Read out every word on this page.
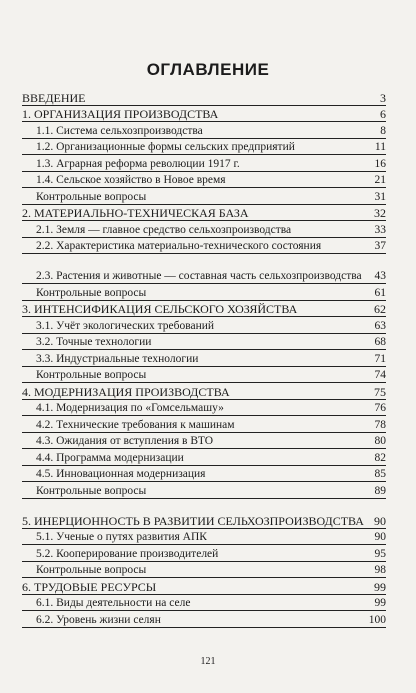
ОГЛАВЛЕНИЕ
ВВЕДЕНИЕ	3
1. ОРГАНИЗАЦИЯ ПРОИЗВОДСТВА	6
1.1. Система сельхозпроизводства	8
1.2. Организационные формы сельских предприятий	11
1.3. Аграрная реформа революции 1917 г.	16
1.4. Сельское хозяйство в Новое время	21
Контрольные вопросы	31
2. МАТЕРИАЛЬНО-ТЕХНИЧЕСКАЯ БАЗА	32
2.1. Земля — главное средство сельхозпроизводства	33
2.2. Характеристика материально-технического состояния	37
2.3. Растения и животные — составная часть сельхозпроизводства	43
Контрольные вопросы	61
3. ИНТЕНСИФИКАЦИЯ СЕЛЬСКОГО ХОЗЯЙСТВА	62
3.1. Учёт экологических требований	63
3.2. Точные технологии	68
3.3. Индустриальные технологии	71
Контрольные вопросы	74
4. МОДЕРНИЗАЦИЯ ПРОИЗВОДСТВА	75
4.1. Модернизация по «Гомсельмашу»	76
4.2. Технические требования к машинам	78
4.3. Ожидания от вступления в ВТО	80
4.4. Программа модернизации	82
4.5. Инновационная модернизация	85
Контрольные вопросы	89
5. ИНЕРЦИОННОСТЬ В РАЗВИТИИ СЕЛЬХОЗПРОИЗВОДСТВА 90
5.1. Ученые о путях развития АПК	90
5.2. Кооперирование производителей	95
Контрольные вопросы	98
6. ТРУДОВЫЕ РЕСУРСЫ	99
6.1. Виды деятельности на селе	99
6.2. Уровень жизни селян	100
121
